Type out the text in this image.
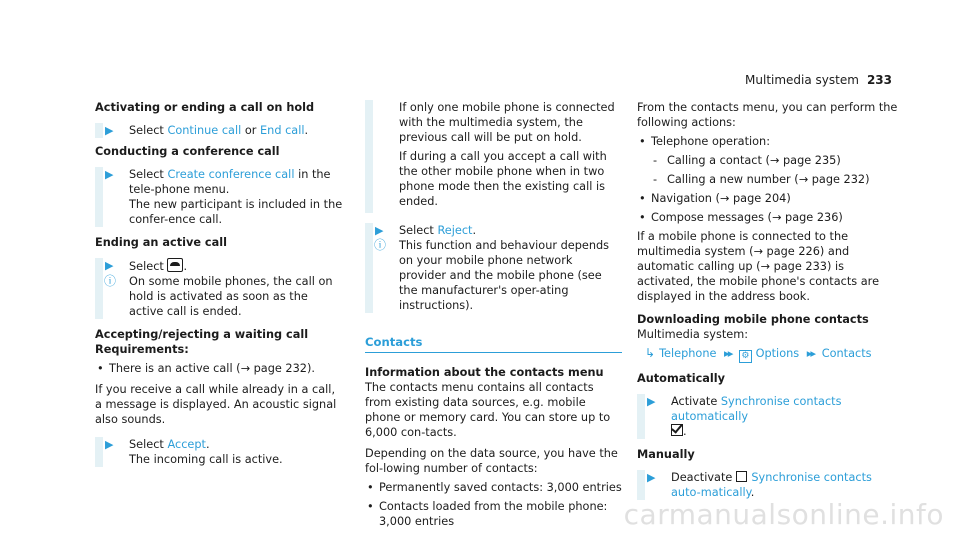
Multimedia system 233

Activating or ending a call on hold

▶ Select Continue call or End call.

Conducting a conference call

▶ Select Create conference call in the tele-phone menu.
The new participant is included in the confer-ence call.

Ending an active call

▶ Select .
ⓘ On some mobile phones, the call on hold is activated as soon as the active call is ended.

Accepting/rejecting a waiting call

Requirements:

• There is an active call (→ page 232).
If you receive a call while already in a call, a message is displayed. An acoustic signal also sounds.
▶ Select Accept.
The incoming call is active.
If only one mobile phone is connected with the multimedia system, the previous call will be put on hold.
If during a call you accept a call with the other mobile phone when in two phone mode then the existing call is ended.
▶ Select Reject.
ⓘ This function and behaviour depends on your mobile phone network provider and the mobile phone (see the manufacturer's oper-ating instructions).
Contacts

Information about the contacts menu

The contacts menu contains all contacts from existing data sources, e.g. mobile phone or memory card. You can store up to 6,000 con-tacts.
Depending on the data source, you have the fol-lowing number of contacts:
• Permanently saved contacts: 3,000 entries
• Contacts loaded from the mobile phone: 3,000 entries
From the contacts menu, you can perform the following actions:
• Telephone operation:
- Calling a contact (→ page 235)
- Calling a new number (→ page 232)
• Navigation (→ page 204)
• Compose messages (→ page 236)
If a mobile phone is connected to the multimedia system (→ page 226) and automatic calling up (→ page 233) is activated, the mobile phone's contacts are displayed in the address book.

Downloading mobile phone contacts

Multimedia system:
↳ Telephone ▸▸ ⚙ Options ▸▸ Contacts

Automatically

▶ Activate Synchronise contacts automatically
.

Manually

▶ Deactivate Synchronise contacts auto-matically.
carmanualsonline.info
